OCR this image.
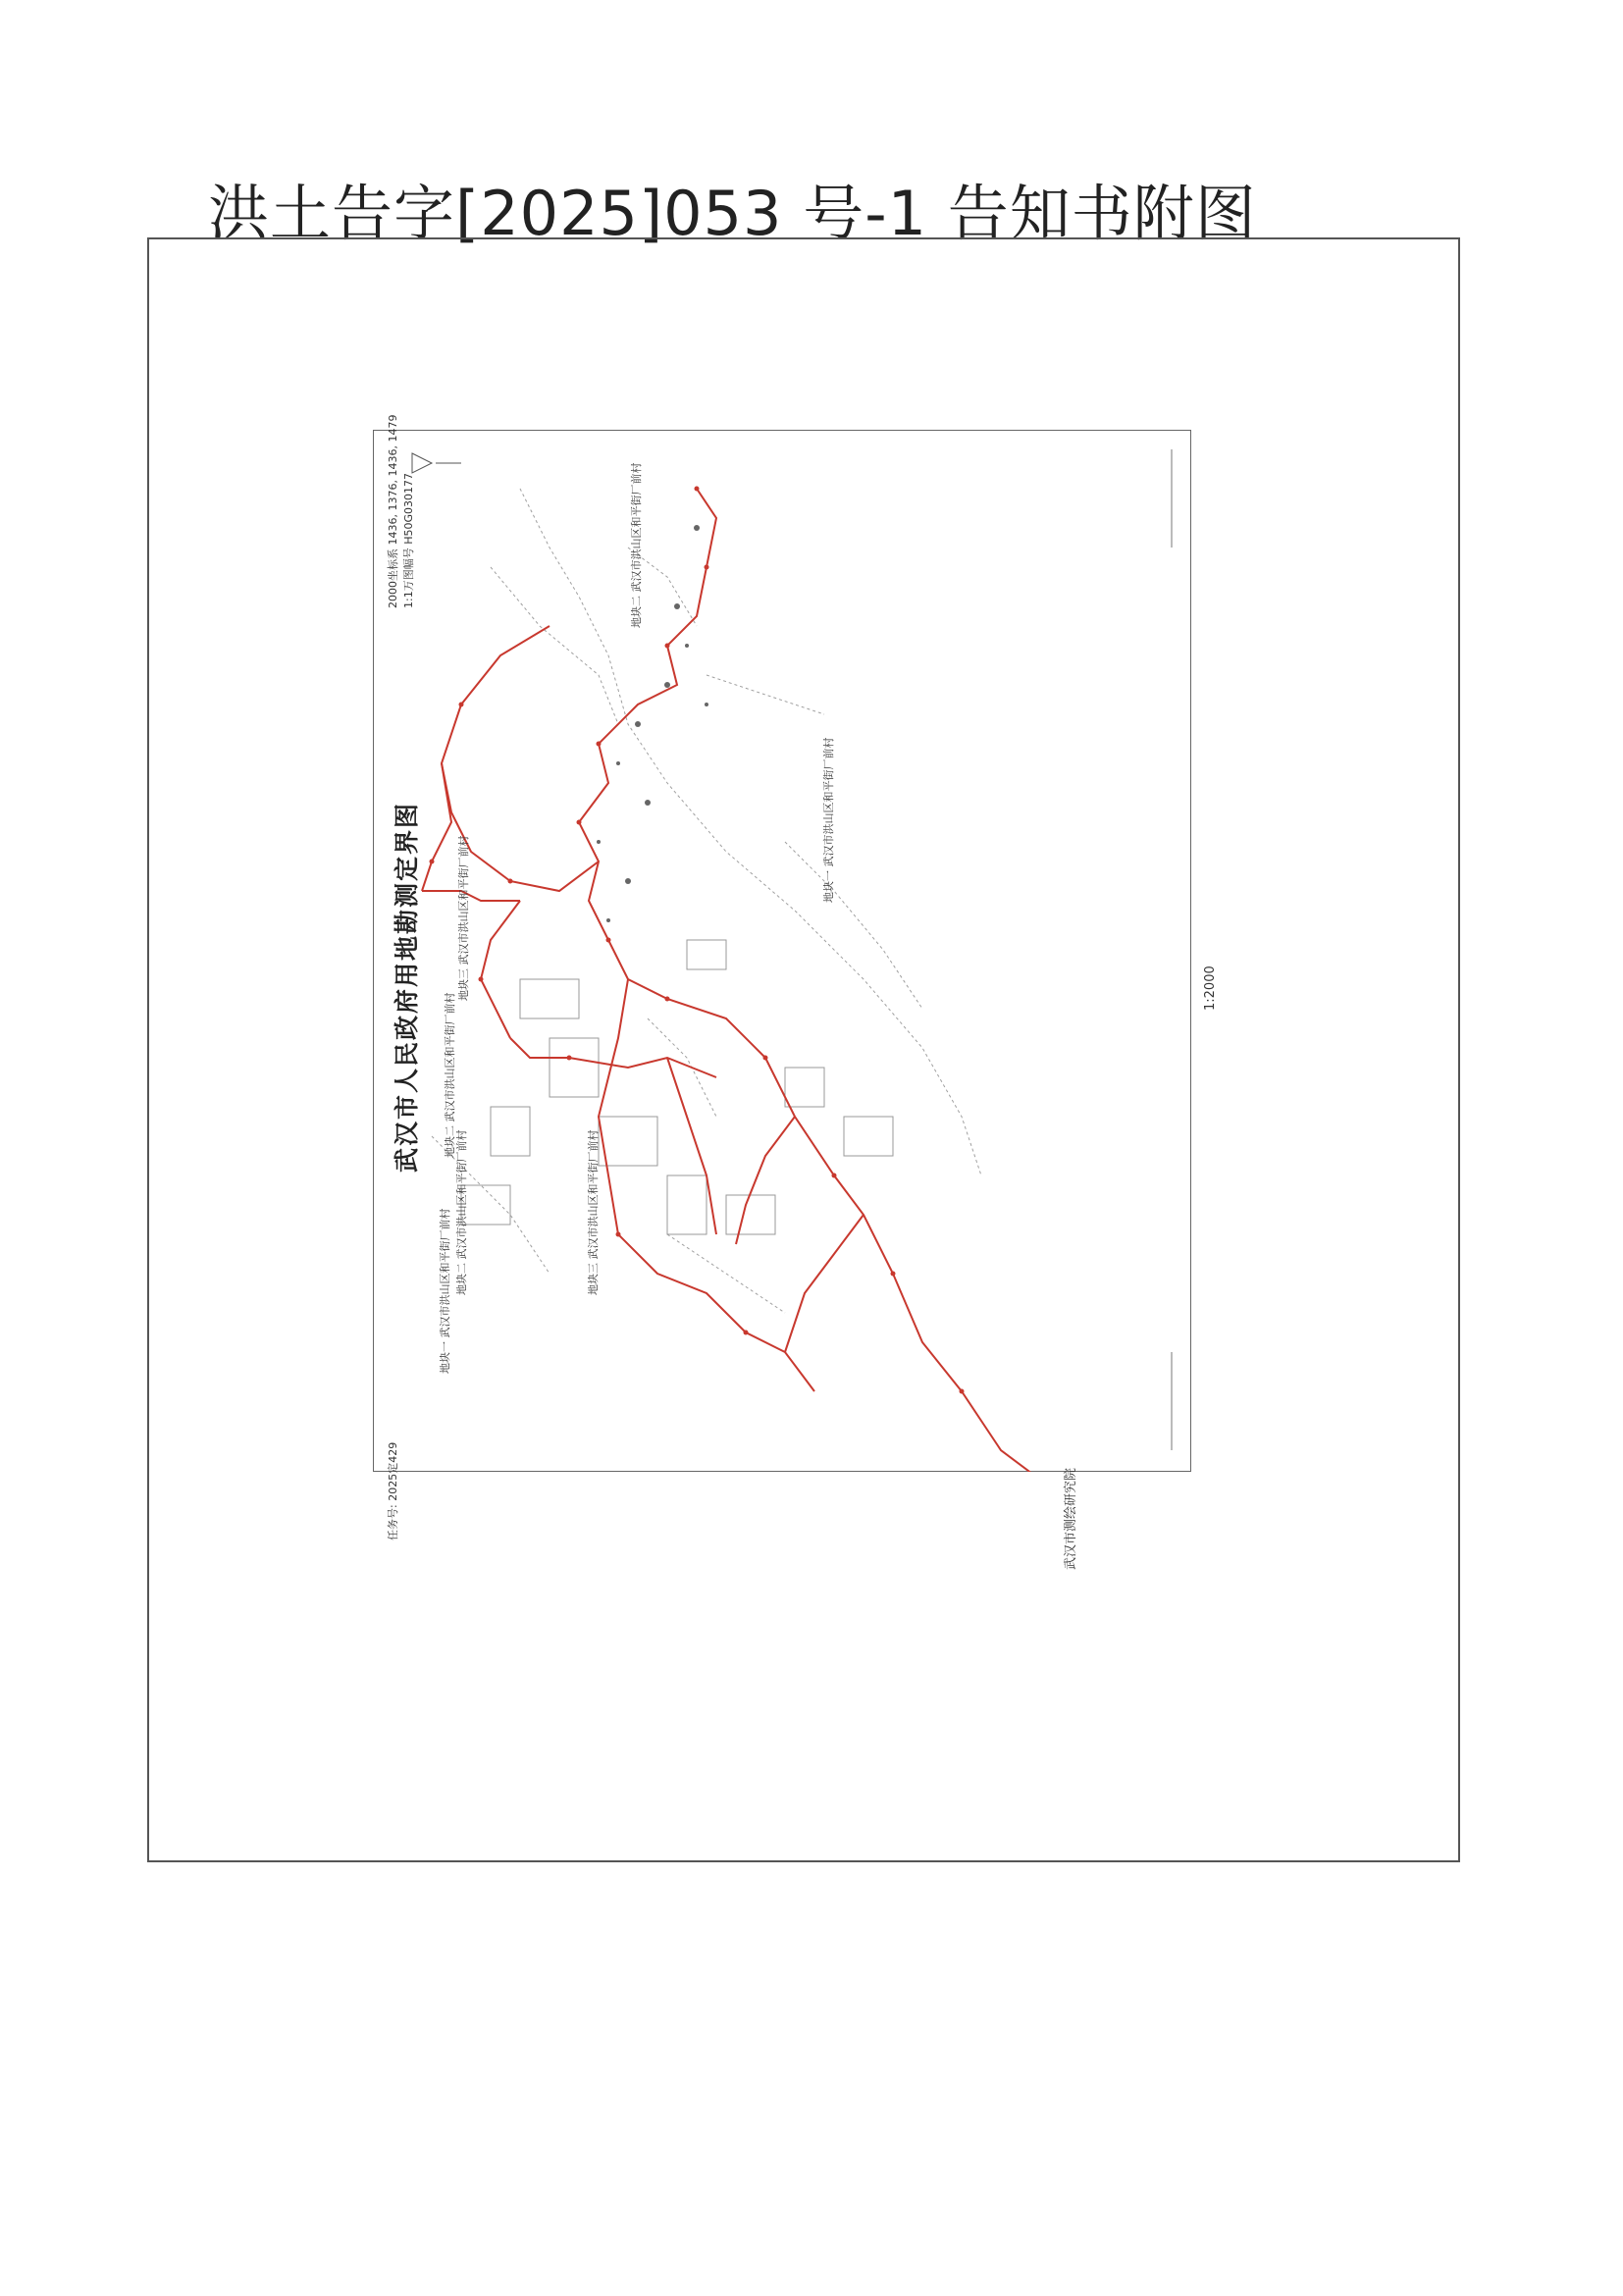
洪土告字[2025]053 号-1 告知书附图
武汉市人民政府用地勘测定界图	1:2000
任务号: 2025定429
2000坐标系 1436, 1376, 1436, 1479 1:1万图幅号 H50G030177
武汉市测绘研究院
地块一 武汉市洪山区和平街厂前村 地块二 武汉市洪山区和平街厂前村
地块二 武汉市洪山区和平街厂前村
地块三 武汉市洪山区和平街厂前村
地块三 武汉市洪山区和平街厂前村
地块二 武汉市洪山区和平街厂前村
地块一 武汉市洪山区和平街厂前村
